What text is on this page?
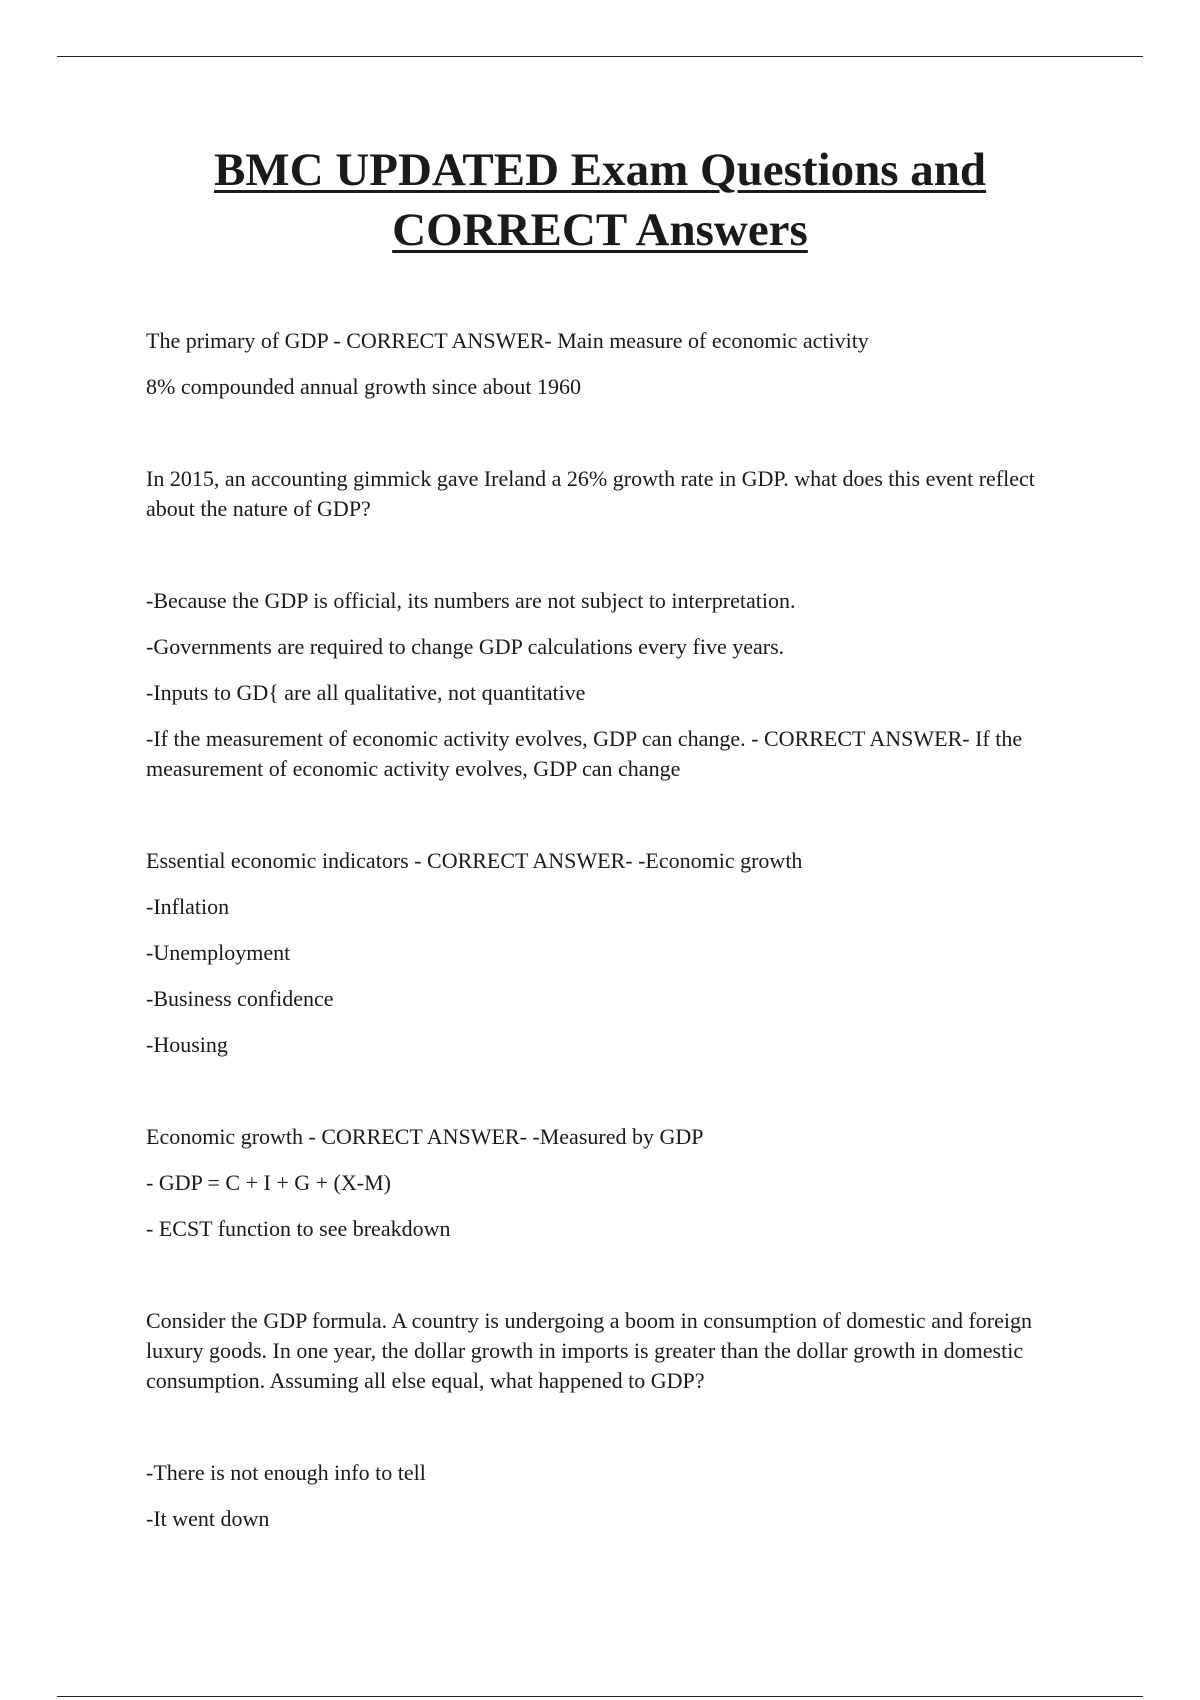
BMC UPDATED Exam Questions and
CORRECT Answers

The primary of GDP - CORRECT ANSWER- Main measure of economic activity

8% compounded annual growth since about 1960

In 2015, an accounting gimmick gave Ireland a 26% growth rate in GDP. what does this event reflect about the nature of GDP?

-Because the GDP is official, its numbers are not subject to interpretation.

-Governments are required to change GDP calculations every five years.

-Inputs to GD{ are all qualitative, not quantitative

-If the measurement of economic activity evolves, GDP can change. - CORRECT ANSWER- If the measurement of economic activity evolves, GDP can change

Essential economic indicators - CORRECT ANSWER- -Economic growth

-Inflation

-Unemployment

-Business confidence

-Housing

Economic growth - CORRECT ANSWER- -Measured by GDP

- GDP = C + I + G + (X-M)

- ECST function to see breakdown

Consider the GDP formula. A country is undergoing a boom in consumption of domestic and foreign luxury goods. In one year, the dollar growth in imports is greater than the dollar growth in domestic consumption. Assuming all else equal, what happened to GDP?

-There is not enough info to tell

-It went down
